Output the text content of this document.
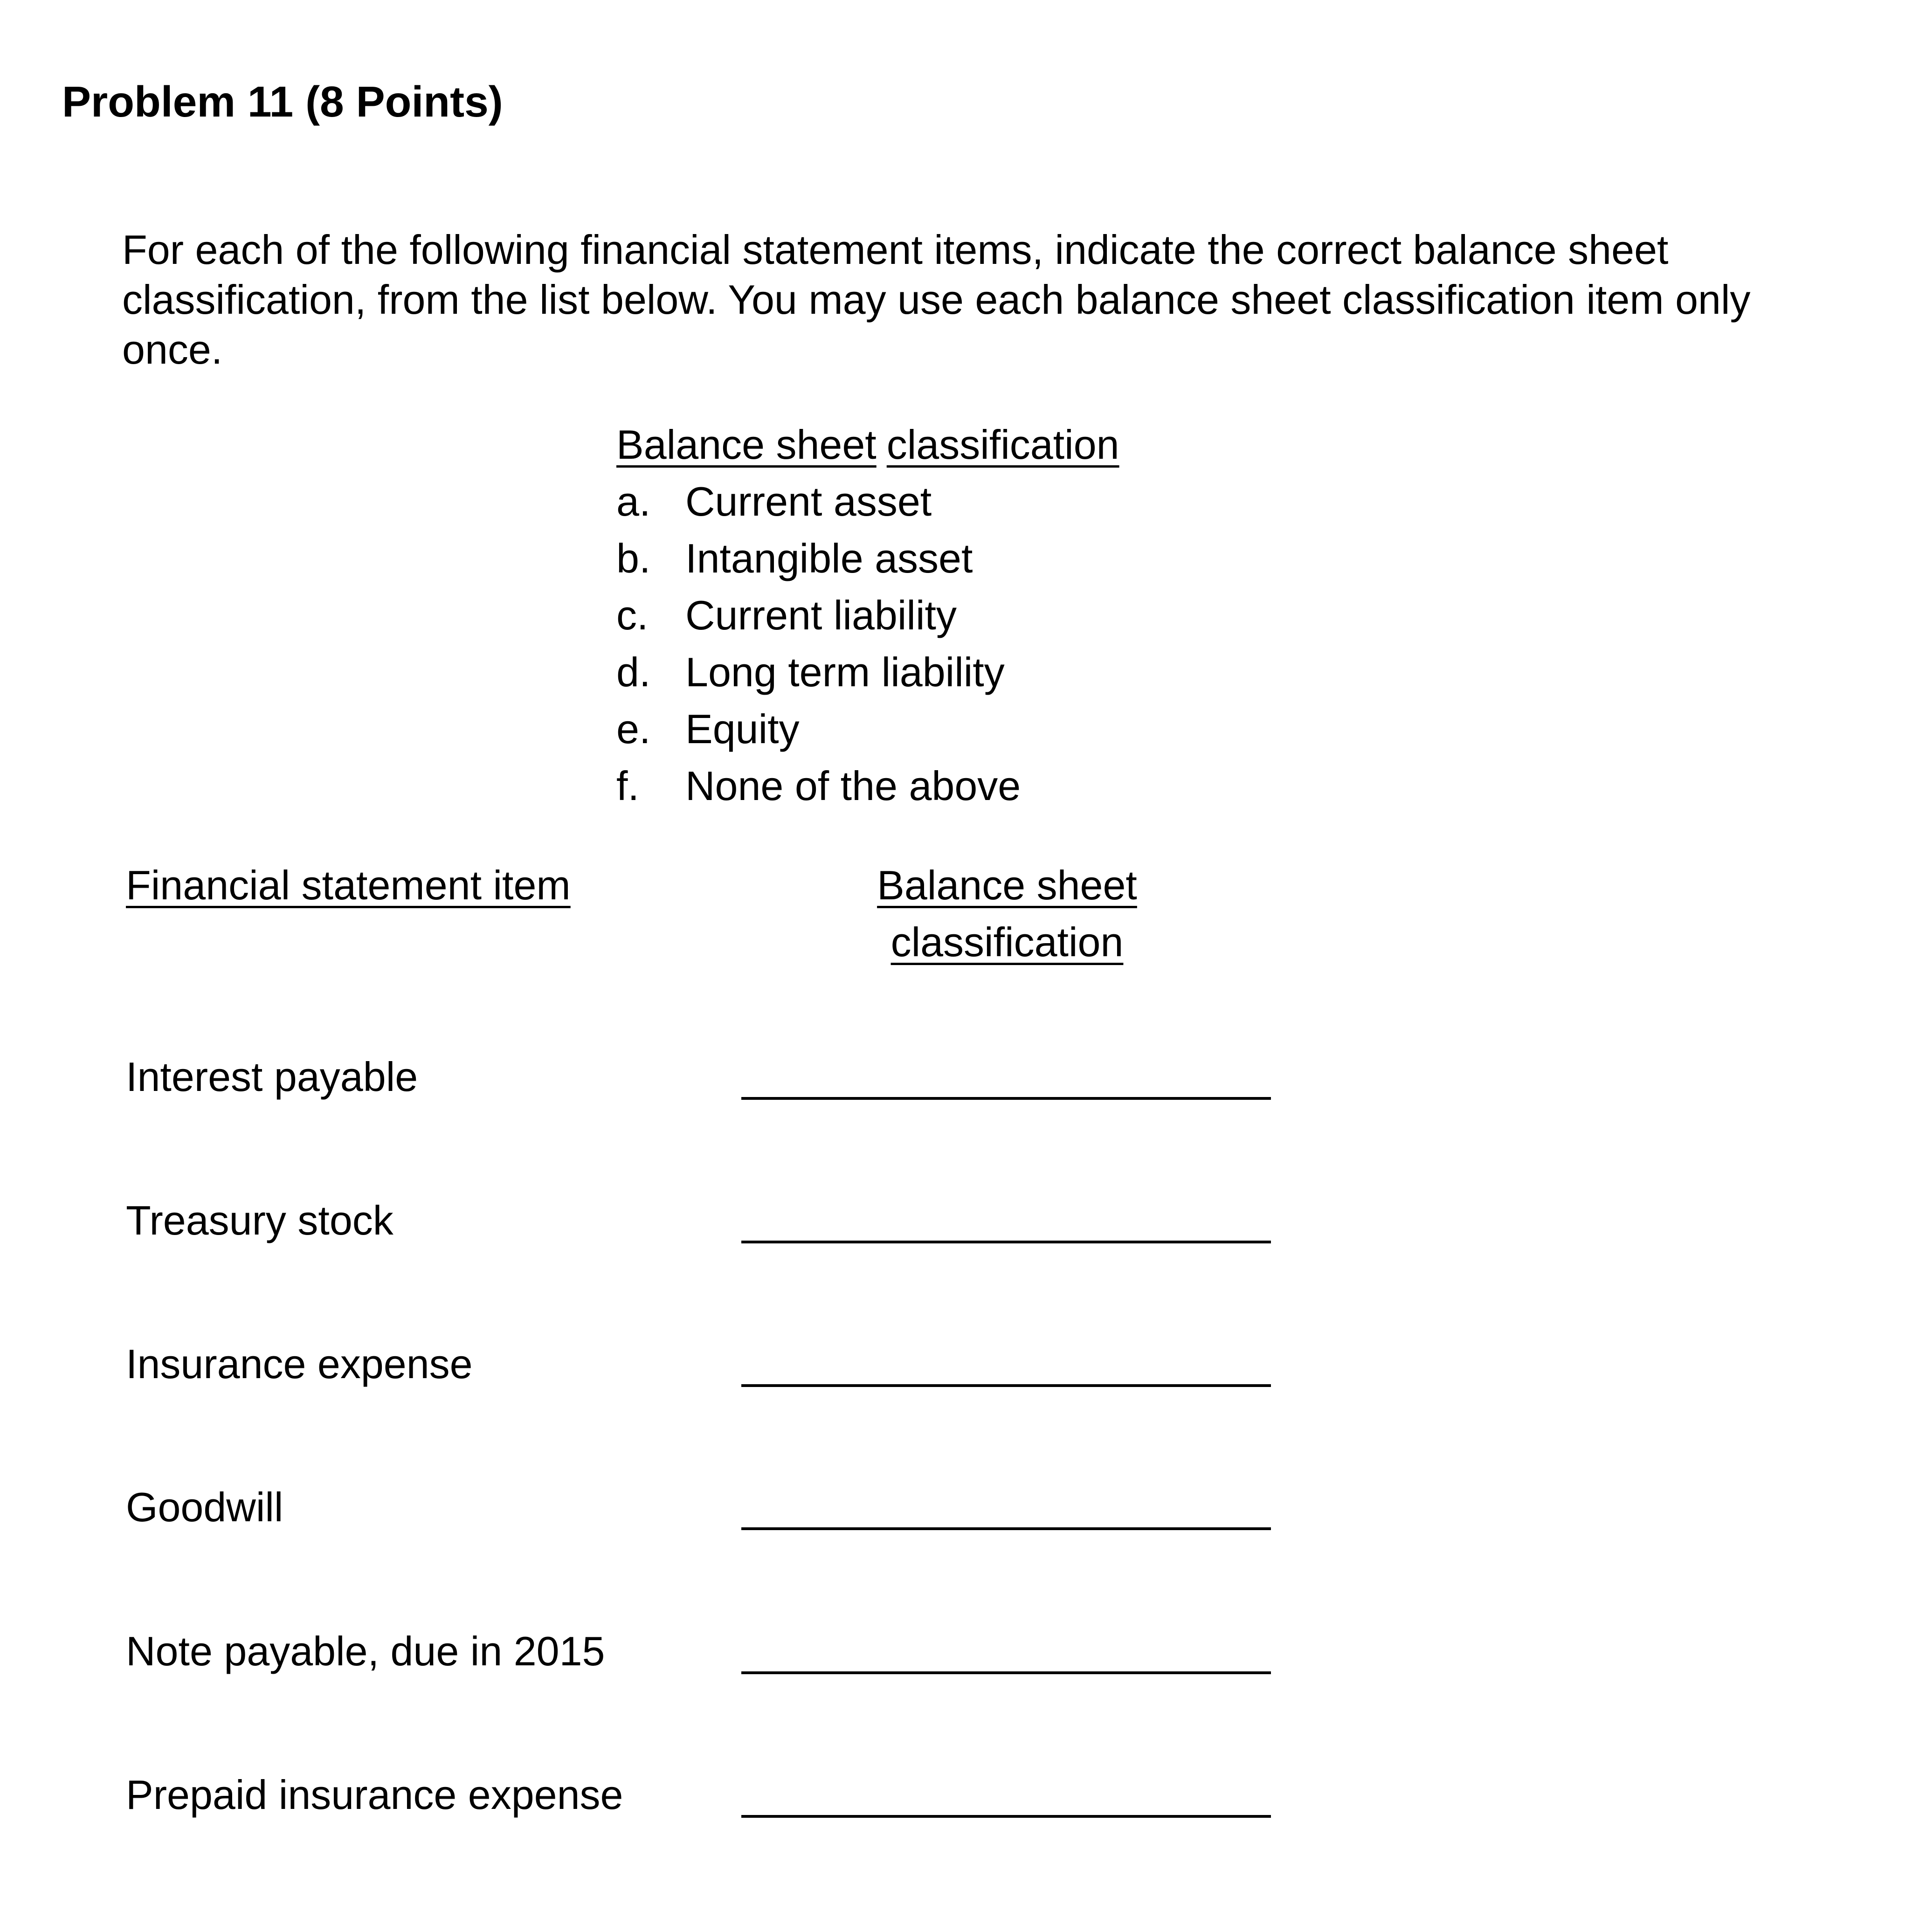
Problem 11 (8 Points)
For each of the following financial statement items, indicate the correct balance sheet
classification, from the list below. You may use each balance sheet classification item only
once.
Balance sheet classification
a. Current asset
b. Intangible asset
c. Current liability
d. Long term liability
e. Equity
f.	None of the above
Financial statement item	Balance sheet
classification
Interest payable
Treasury stock
Insurance expense
Goodwill
Note payable, due in 2015
Prepaid insurance expense
